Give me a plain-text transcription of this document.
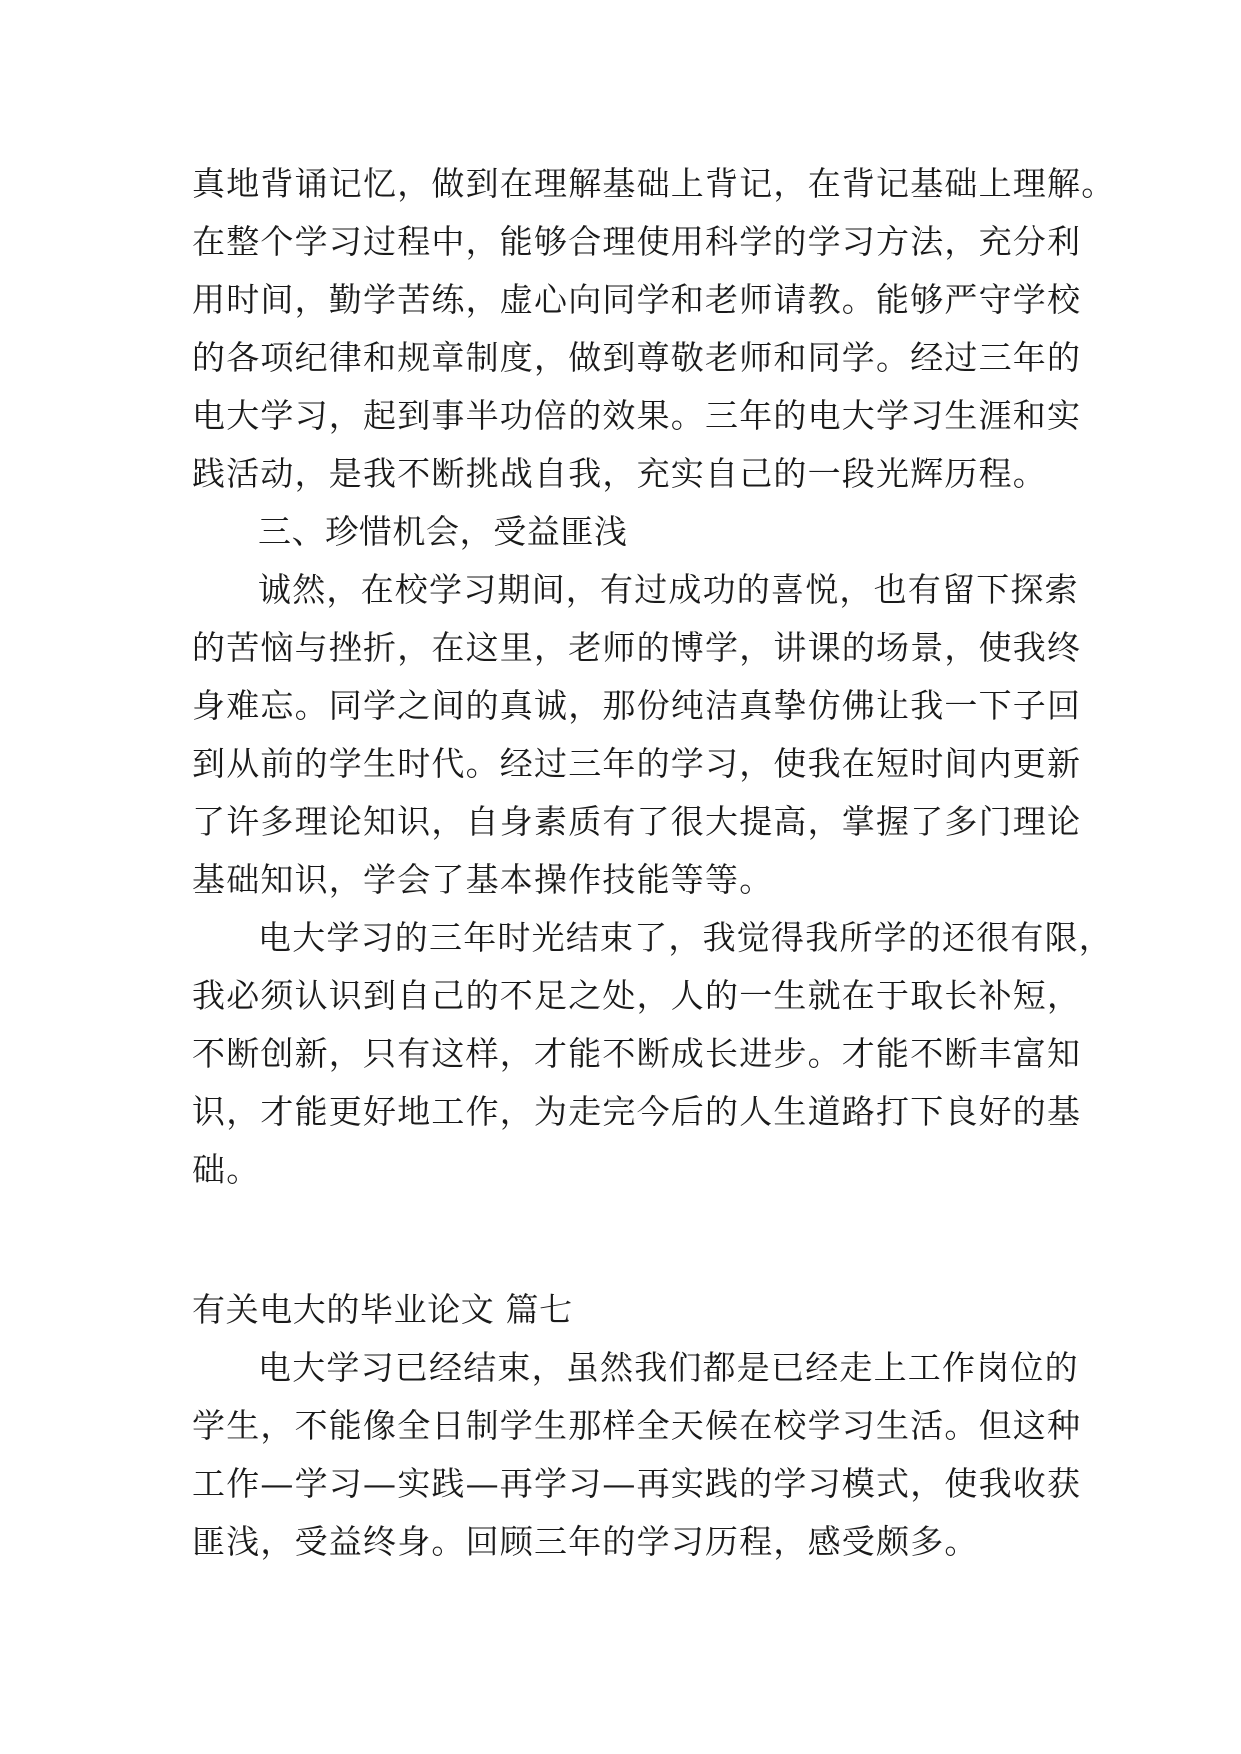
真地背诵记忆，做到在理解基础上背记，在背记基础上理解。
在整个学习过程中，能够合理使用科学的学习方法，充分利
用时间，勤学苦练，虚心向同学和老师请教。能够严守学校
的各项纪律和规章制度，做到尊敬老师和同学。经过三年的
电大学习，起到事半功倍的效果。三年的电大学习生涯和实
践活动，是我不断挑战自我，充实自己的一段光辉历程。
三、珍惜机会，受益匪浅
诚然，在校学习期间，有过成功的喜悦，也有留下探索
的苦恼与挫折，在这里，老师的博学，讲课的场景，使我终
身难忘。同学之间的真诚，那份纯洁真挚仿佛让我一下子回
到从前的学生时代。经过三年的学习，使我在短时间内更新
了许多理论知识，自身素质有了很大提高，掌握了多门理论
基础知识，学会了基本操作技能等等。
电大学习的三年时光结束了，我觉得我所学的还很有限，
我必须认识到自己的不足之处，人的一生就在于取长补短，
不断创新，只有这样，才能不断成长进步。才能不断丰富知
识，才能更好地工作，为走完今后的人生道路打下良好的基
础。
有关电大的毕业论文 篇七
电大学习已经结束，虽然我们都是已经走上工作岗位的
学生，不能像全日制学生那样全天候在校学习生活。但这种
工作—学习—实践—再学习—再实践的学习模式，使我收获
匪浅，受益终身。回顾三年的学习历程，感受颇多。
